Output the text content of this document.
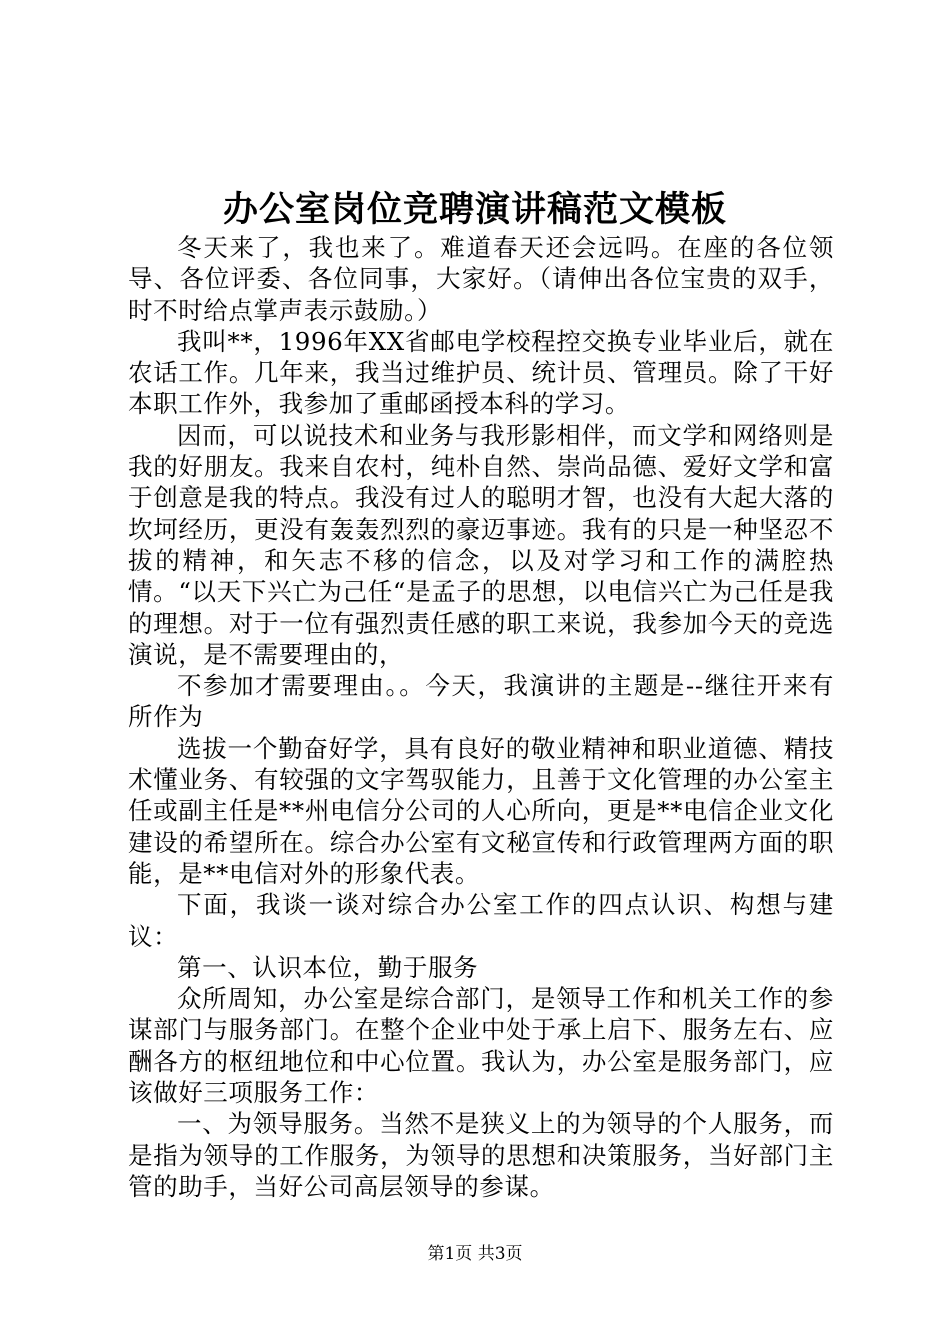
办公室岗位竞聘演讲稿范文模板

冬天来了，我也来了。难道春天还会远吗。在座的各位领导、各位评委、各位同事，大家好。（请伸出各位宝贵的双手，时不时给点掌声表示鼓励。）

我叫**，1996年XX省邮电学校程控交换专业毕业后，就在农话工作。几年来，我当过维护员、统计员、管理员。除了干好本职工作外，我参加了重邮函授本科的学习。

因而，可以说技术和业务与我形影相伴，而文学和网络则是我的好朋友。我来自农村，纯朴自然、崇尚品德、爱好文学和富于创意是我的特点。我没有过人的聪明才智，也没有大起大落的坎坷经历，更没有轰轰烈烈的豪迈事迹。我有的只是一种坚忍不拔的精神，和矢志不移的信念，以及对学习和工作的满腔热情。“以天下兴亡为己任“是孟子的思想，以电信兴亡为己任是我的理想。对于一位有强烈责任感的职工来说，我参加今天的竞选演说，是不需要理由的，

不参加才需要理由。。今天，我演讲的主题是--继往开来有所作为

选拔一个勤奋好学，具有良好的敬业精神和职业道德、精技术懂业务、有较强的文字驾驭能力，且善于文化管理的办公室主任或副主任是**州电信分公司的人心所向，更是**电信企业文化建设的希望所在。综合办公室有文秘宣传和行政管理两方面的职能，是**电信对外的形象代表。

下面，我谈一谈对综合办公室工作的四点认识、构想与建议：

第一、认识本位，勤于服务

众所周知，办公室是综合部门，是领导工作和机关工作的参谋部门与服务部门。在整个企业中处于承上启下、服务左右、应酬各方的枢纽地位和中心位置。我认为，办公室是服务部门，应该做好三项服务工作：

一、为领导服务。当然不是狭义上的为领导的个人服务，而是指为领导的工作服务，为领导的思想和决策服务，当好部门主管的助手，当好公司高层领导的参谋。

第1页 共3页
